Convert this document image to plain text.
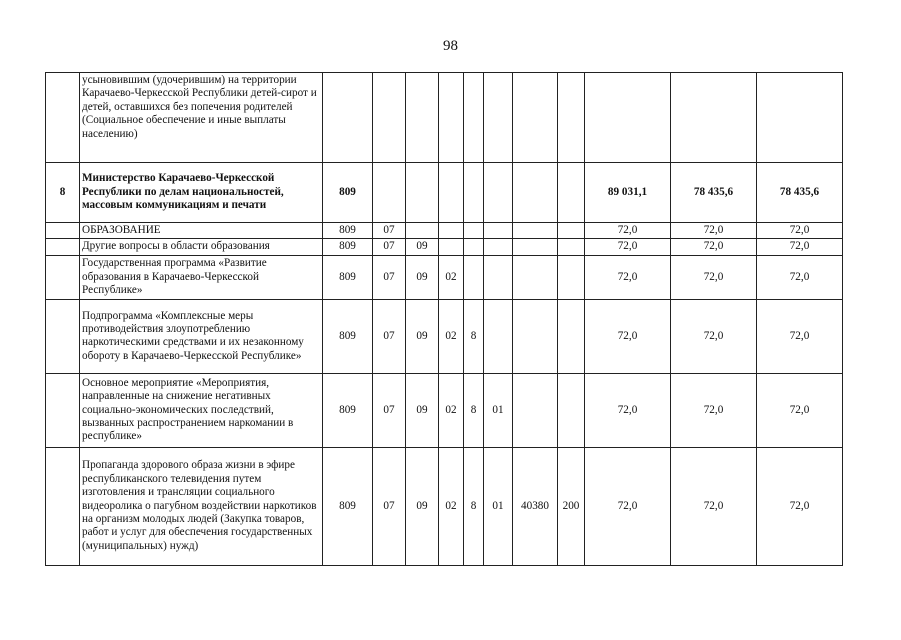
98
	усыновившим (удочерившим) на территории Карачаево-Черкесской Республики детей-сирот и детей, оставшихся без попечения родителей (Социальное обеспечение и иные выплаты населению)											
8	Министерство Карачаево-Черкесской Республики по делам национальностей, массовым коммуникациям и печати	809								89 031,1	78 435,6	78 435,6
	ОБРАЗОВАНИЕ	809	07							72,0	72,0	72,0
	Другие вопросы в области образования	809	07	09						72,0	72,0	72,0
	Государственная программа «Развитие образования в Карачаево-Черкесской Республике»	809	07	09	02					72,0	72,0	72,0
	Подпрограмма «Комплексные меры противодействия злоупотреблению наркотическими средствами и их незаконному обороту в Карачаево-Черкесской Республике»	809	07	09	02	8				72,0	72,0	72,0
	Основное мероприятие «Мероприятия, направленные на снижение негативных социально-экономических последствий, вызванных распространением наркомании в республике»	809	07	09	02	8	01			72,0	72,0	72,0
	Пропаганда здорового образа жизни в эфире республиканского телевидения путем изготовления и трансляции социального видеоролика о пагубном воздействии наркотиков на организм молодых людей (Закупка товаров, работ и услуг для обеспечения государственных (муниципальных) нужд)	809	07	09	02	8	01	40380	200	72,0	72,0	72,0
